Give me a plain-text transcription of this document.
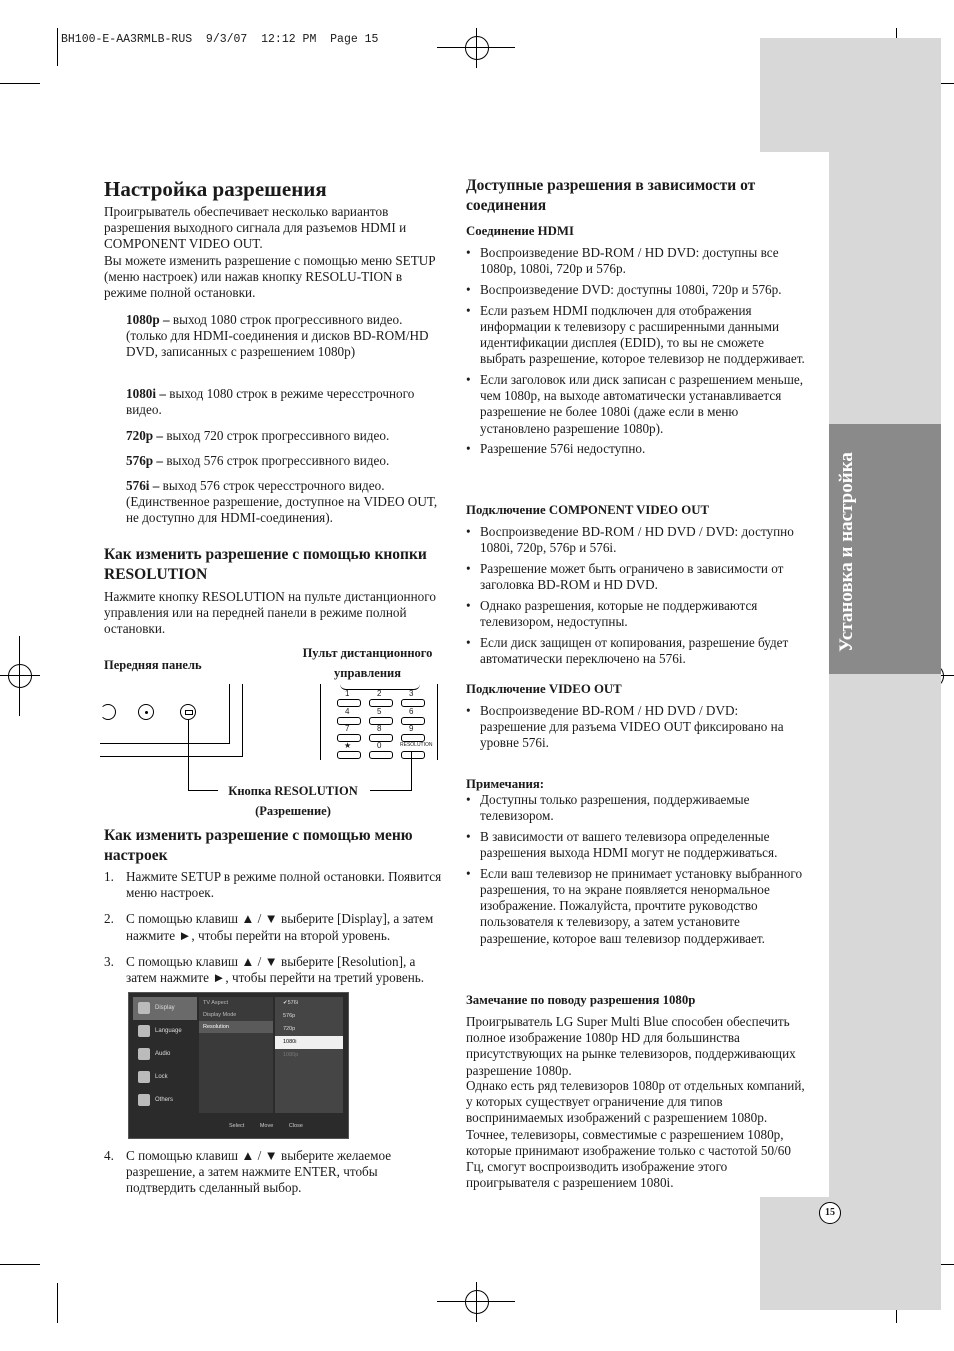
BH100-E-AA3RMLB-RUS  9/3/07  12:12 PM  Page 15
Установка и настройка
15
Настройка разрешения
Проигрыватель обеспечивает несколько вариантов разрешения выходного сигнала для разъемов HDMI и COMPONENT VIDEO OUT.
Вы можете изменить разрешение с помощью меню SETUP (меню настроек) или нажав кнопку RESOLU-TION в режиме полной остановки.
1080p – выход 1080 строк прогрессивного видео. (только для HDMI-соединения и дисков BD-ROM/HD DVD, записанных с разрешением 1080p)
1080i – выход 1080 строк в режиме чересстрочного видео.
720p – выход 720 строк прогрессивного видео.
576p – выход 576 строк прогрессивного видео.
576i – выход 576 строк чересстрочного видео. (Единственное разрешение, доступное на VIDEO OUT, не доступно для HDMI-соединения).
Как изменить разрешение с помощью кнопки RESOLUTION
Нажмите кнопку RESOLUTION на пульте дистанционного управления или на передней панели в режиме полной остановки.
Передняя панель
Пульт дистанционного управления
1	2	3
4	5	6
7	8	9
★	0	RESOLUTION
Кнопка RESOLUTION
(Разрешение)
Как изменить разрешение с помощью меню настроек
1. Нажмите SETUP в режиме полной остановки. Появится меню настроек.
2. С помощью клавиш ▲ / ▼ выберите [Display], а затем нажмите ►, чтобы перейти на второй уровень.
3. С помощью клавиш ▲ / ▼ выберите [Resolution], а затем нажмите ►, чтобы перейти на третий уровень.
Display
Language
Audio
Lock
Others
TV Aspect
Display Mode
Resolution
✔576i
576p
720p
1080i
1080p
Select	Move	Close
4. С помощью клавиш ▲ / ▼ выберите желаемое разрешение, а затем нажмите ENTER, чтобы подтвердить сделанный выбор.
Доступные разрешения в зависимости от соединения
Соединение HDMI
• Воспроизведение BD-ROM / HD DVD: доступны все 1080p, 1080i, 720p и 576p.
• Воспроизведение DVD: доступны 1080i, 720p и 576p.
• Если разъем HDMI подключен для отображения информации к телевизору с расширенными данными идентификации дисплея (EDID), то вы не сможете выбрать разрешение, которое телевизор не поддерживает.
• Если заголовок или диск записан с разрешением меньше, чем 1080p, на выходе автоматически устанавливается разрешение не более 1080i (даже если в меню установлено разрешение 1080p).
• Разрешение 576i недоступно.
Подключение COMPONENT VIDEO OUT
• Воспроизведение BD-ROM / HD DVD / DVD: доступно 1080i, 720p, 576p и 576i.
• Разрешение может быть ограничено в зависимости от заголовка BD-ROM и HD DVD.
• Однако разрешения, которые не поддерживаются телевизором, недоступны.
• Если диск защищен от копирования, разрешение будет автоматически переключено на 576i.
Подключение VIDEO OUT
• Воспроизведение BD-ROM / HD DVD / DVD: разрешение для разъема VIDEO OUT фиксировано на уровне 576i.
Примечания:
• Доступны только разрешения, поддерживаемые телевизором.
• В зависимости от вашего телевизора определенные разрешения выхода HDMI могут не поддерживаться.
• Если ваш телевизор не принимает установку выбранного разрешения, то на экране появляется ненормальное изображение. Пожалуйста, прочтите руководство пользователя к телевизору, а затем установите разрешение, которое ваш телевизор поддерживает.
Замечание по поводу разрешения 1080p
Проигрыватель LG Super Multi Blue способен обеспечить полное изображение 1080p HD для большинства присутствующих на рынке телевизоров, поддерживающих разрешение 1080p.
Однако есть ряд телевизоров 1080p от отдельных компаний, у которых существует ограничение для типов воспринимаемых изображений с разрешением 1080p. Точнее, телевизоры, совместимые с разрешением 1080p, которые принимают изображение только с частотой 50/60 Гц, смогут воспроизводить изображение этого проигрывателя с разрешением 1080i.
